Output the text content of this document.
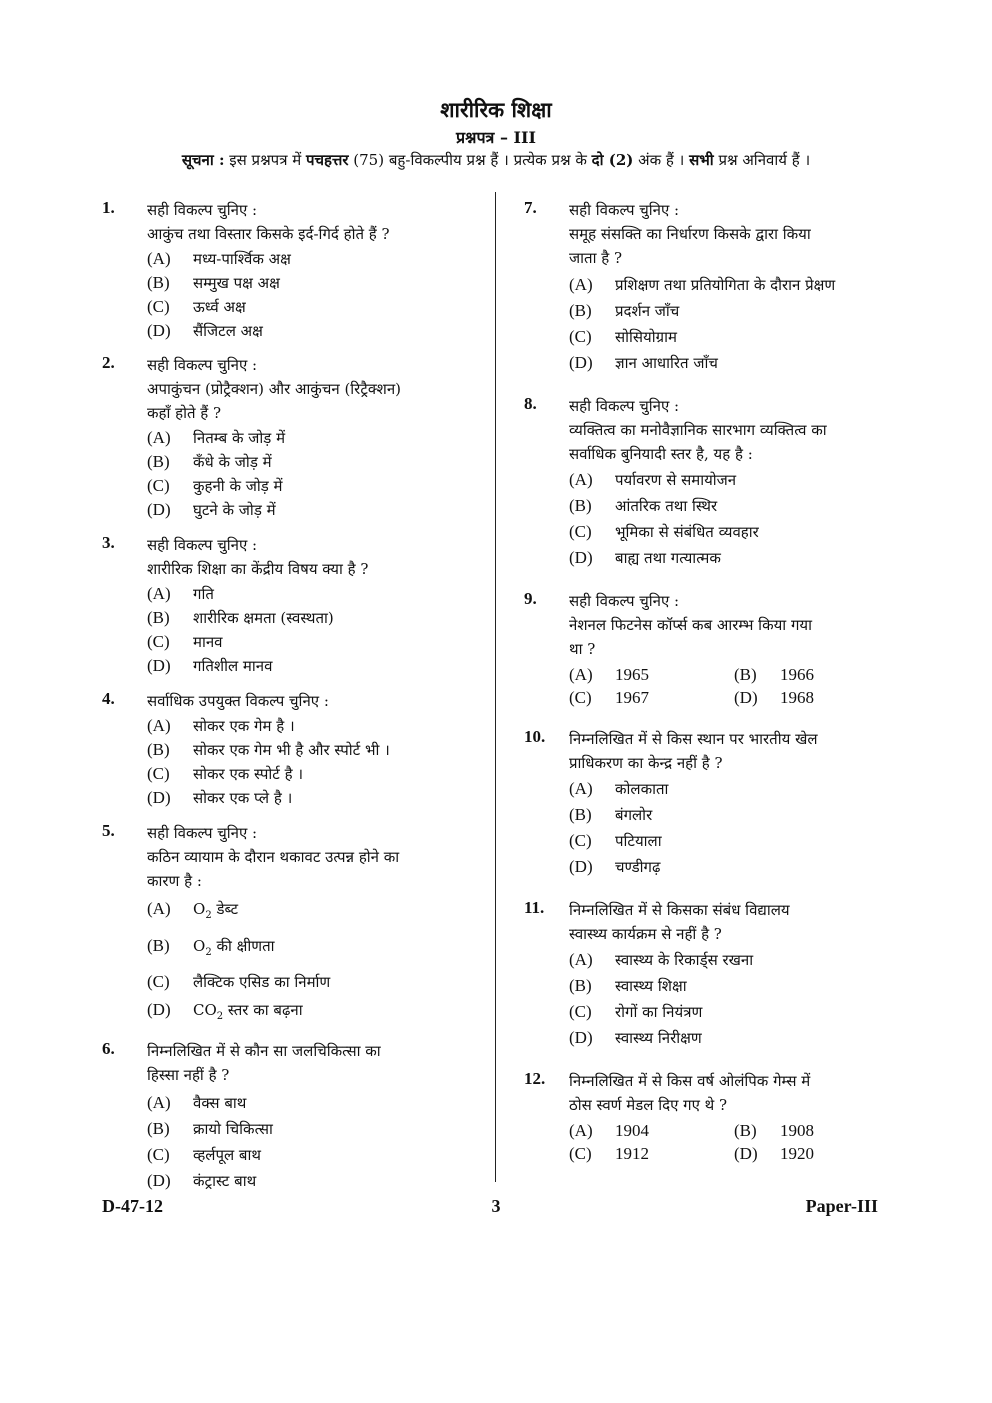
शारीरिक शिक्षा
प्रश्नपत्र – III
सूचना : इस प्रश्नपत्र में पचहत्तर (75) बहु-विकल्पीय प्रश्न हैं । प्रत्येक प्रश्न के दो (2) अंक हैं । सभी प्रश्न अनिवार्य हैं ।
1. सही विकल्प चुनिए :
आकुंच तथा विस्तार किसके इर्द-गिर्द होते हैं ?
(A)	मध्य-पार्श्विक अक्ष
(B)	सम्मुख पक्ष अक्ष
(C)	ऊर्ध्व अक्ष
(D)	सैंजिटल अक्ष
2. सही विकल्प चुनिए :
अपाकुंचन (प्रोट्रैक्शन) और आकुंचन (रिट्रैक्शन)
कहाँ होते हैं ?
(A)	नितम्ब के जोड़ में
(B)	कँधे के जोड़ में
(C)	कुहनी के जोड़ में
(D)	घुटने के जोड़ में
3. सही विकल्प चुनिए :
शारीरिक शिक्षा का केंद्रीय विषय क्या है ?
(A)	गति
(B)	शारीरिक क्षमता (स्वस्थता)
(C)	मानव
(D)	गतिशील मानव
4. सर्वाधिक उपयुक्त विकल्प चुनिए :
(A)	सोकर एक गेम है ।
(B)	सोकर एक गेम भी है और स्पोर्ट भी ।
(C)	सोकर एक स्पोर्ट है ।
(D)	सोकर एक प्ले है ।
5. सही विकल्प चुनिए :
कठिन व्यायाम के दौरान थकावट उत्पन्न होने का
कारण है :
(A)	$O_2$ डेब्ट
(B)	$O_2$ की क्षीणता
(C)	लैक्टिक एसिड का निर्माण
(D)	$CO_2$ स्तर का बढ़ना
6. निम्नलिखित में से कौन सा जलचिकित्सा का
हिस्सा नहीं है ?
(A)	वैक्स बाथ
(B)	क्रायो चिकित्सा
(C)	व्हर्लपूल बाथ
(D)	कंट्रास्ट बाथ
7. सही विकल्प चुनिए :
समूह संसक्ति का निर्धारण किसके द्वारा किया
जाता है ?
(A)	प्रशिक्षण तथा प्रतियोगिता के दौरान प्रेक्षण
(B)	प्रदर्शन जाँच
(C)	सोसियोग्राम
(D)	ज्ञान आधारित जाँच
8. सही विकल्प चुनिए :
व्यक्तित्व का मनोवैज्ञानिक सारभाग व्यक्तित्व का
सर्वाधिक बुनियादी स्तर है, यह है :
(A)	पर्यावरण से समायोजन
(B)	आंतरिक तथा स्थिर
(C)	भूमिका से संबंधित व्यवहार
(D)	बाह्य तथा गत्यात्मक
9. सही विकल्प चुनिए :
नेशनल फिटनेस कॉर्प्स कब आरम्भ किया गया
था ?
(A)	1965	(B)	1966
(C)	1967	(D)	1968
10. निम्नलिखित में से किस स्थान पर भारतीय खेल
प्राधिकरण का केन्द्र नहीं है ?
(A)	कोलकाता
(B)	बंगलोर
(C)	पटियाला
(D)	चण्डीगढ़
11. निम्नलिखित में से किसका संबंध विद्यालय
स्वास्थ्य कार्यक्रम से नहीं है ?
(A)	स्वास्थ्य के रिकार्ड्स रखना
(B)	स्वास्थ्य शिक्षा
(C)	रोगों का नियंत्रण
(D)	स्वास्थ्य निरीक्षण
12. निम्नलिखित में से किस वर्ष ओलंपिक गेम्स में
ठोस स्वर्ण मेडल दिए गए थे ?
(A)	1904	(B)	1908
(C)	1912	(D)	1920
D-47-12	3	Paper-III
